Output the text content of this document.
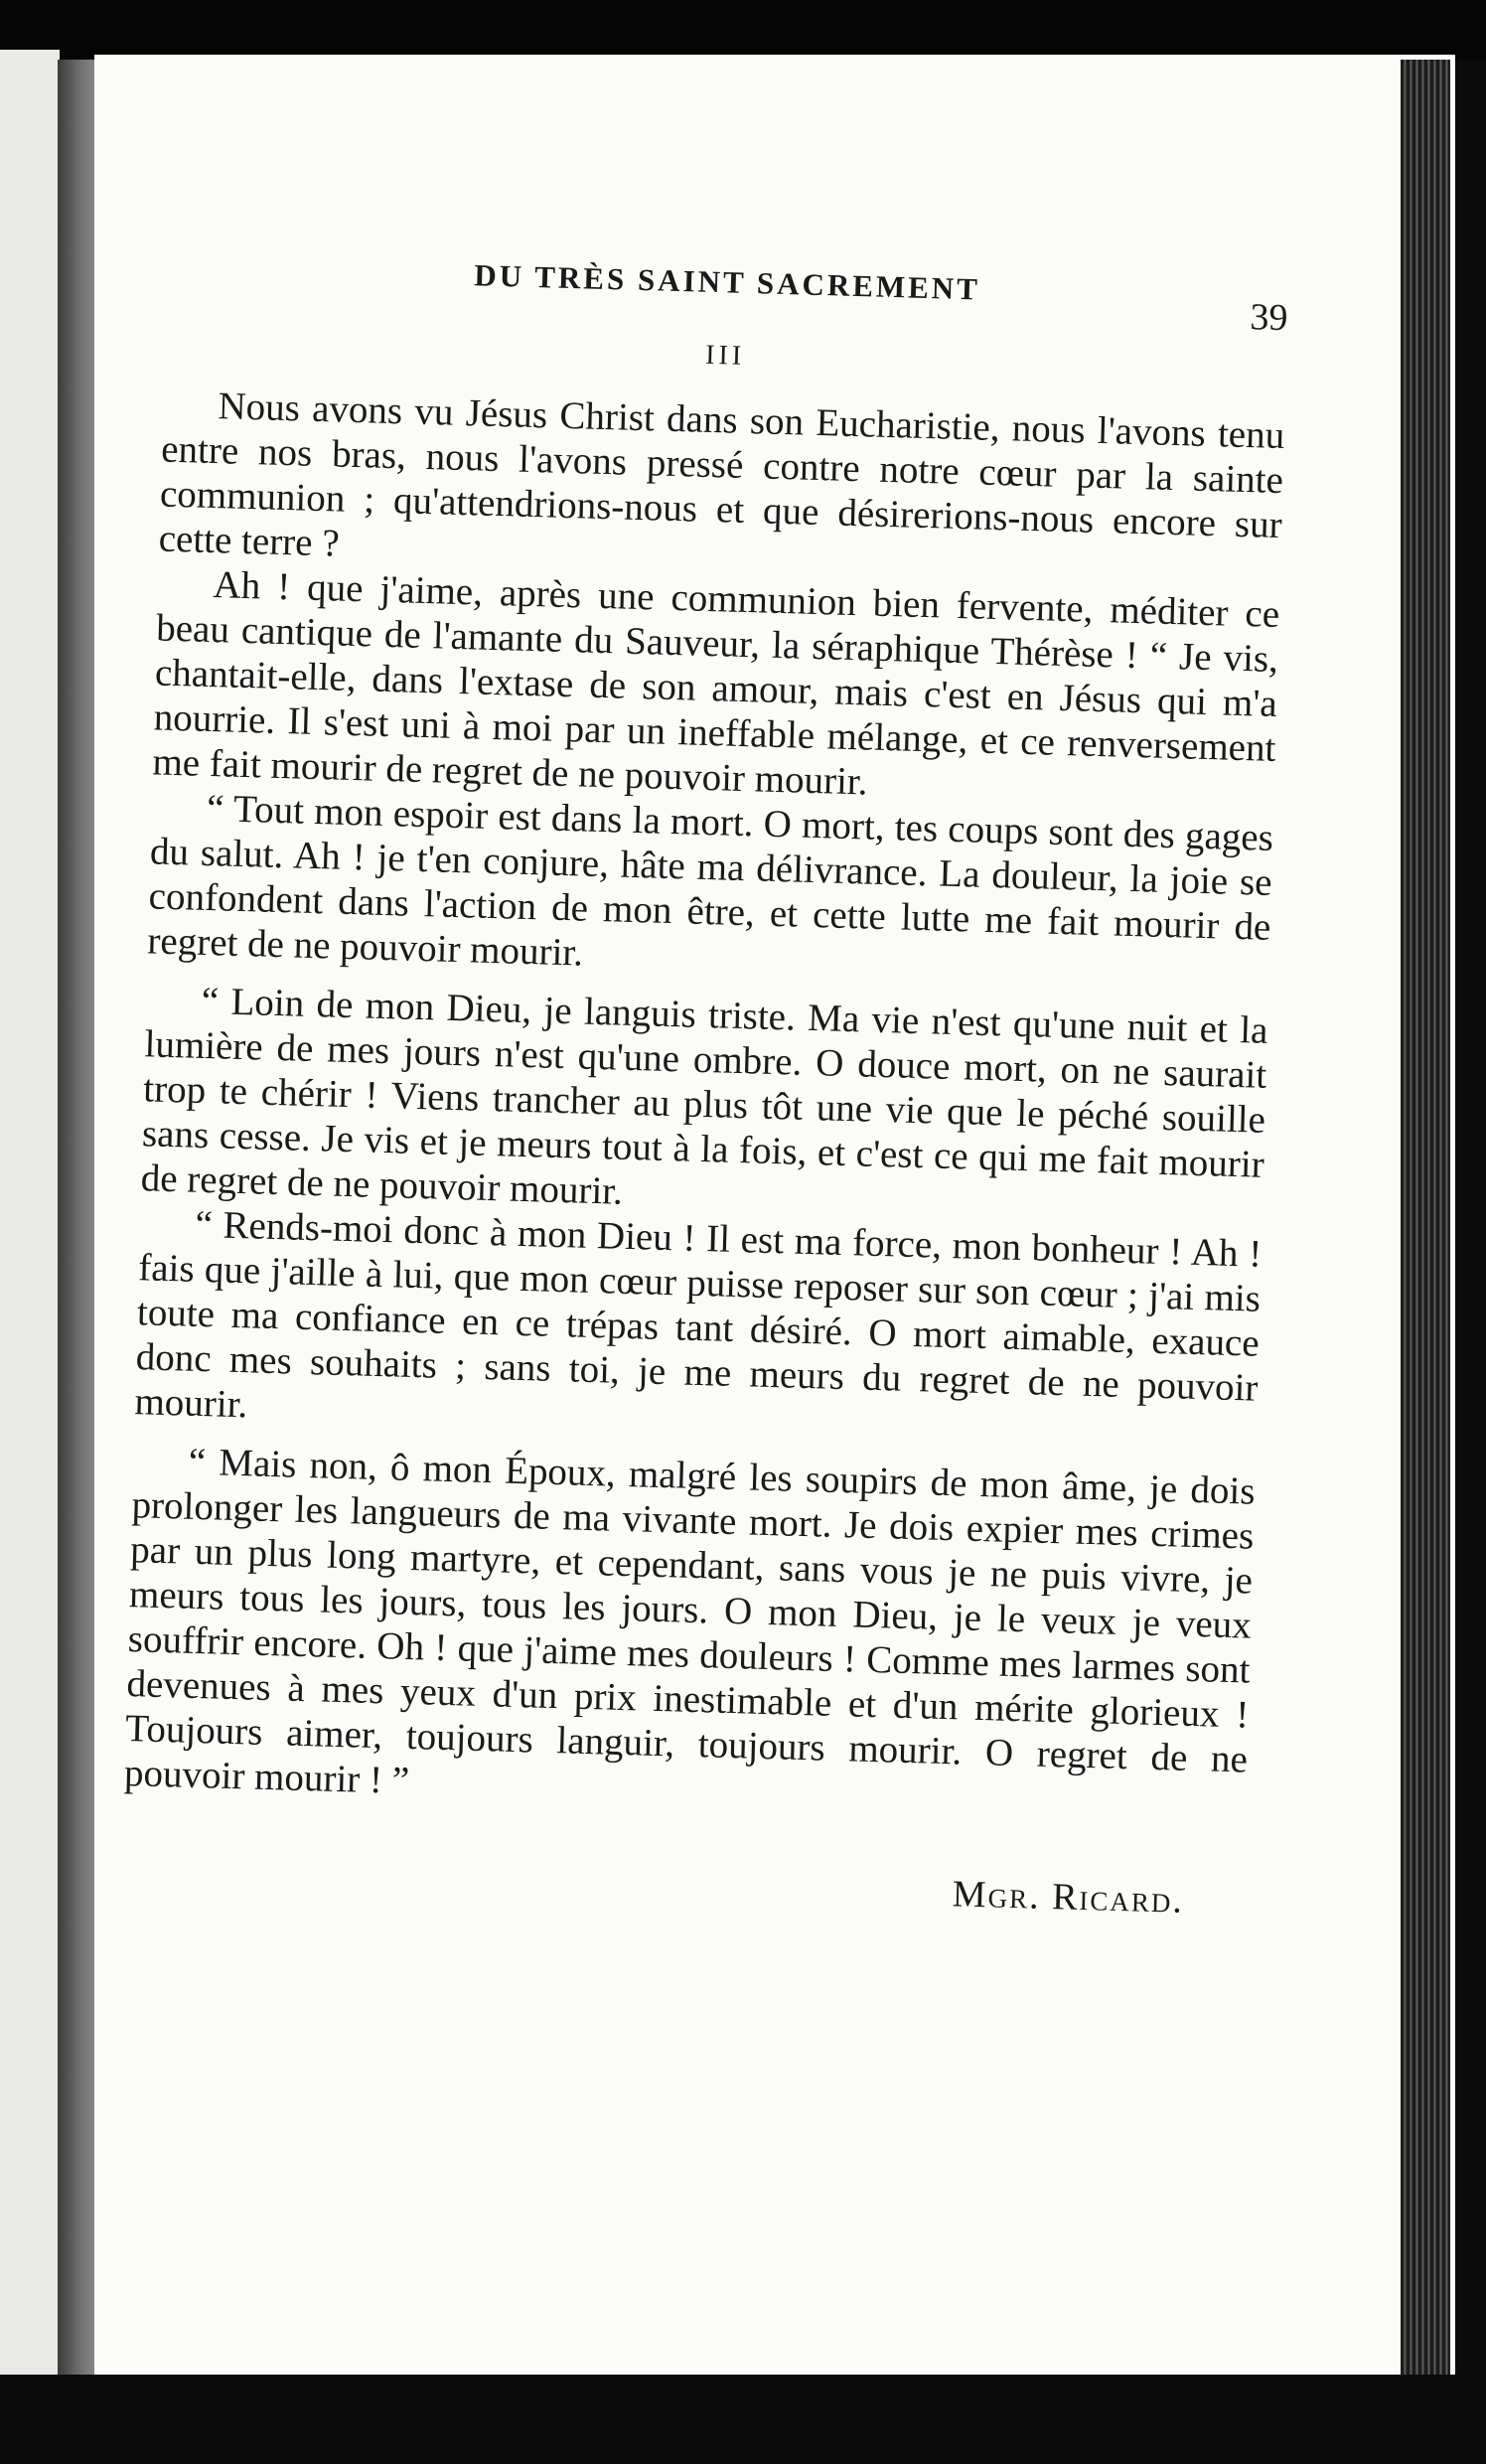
DU TRÈS SAINT SACREMENT
39
III

Nous avons vu Jésus Christ dans son Eucharistie, nous l'avons tenu entre nos bras, nous l'avons pressé contre notre cœur par la sainte communion ; qu'attendrions-nous et que désirerions-nous encore sur cette terre ?

Ah ! que j'aime, après une communion bien fervente, méditer ce beau cantique de l'amante du Sauveur, la séraphique Thérèse ! “ Je vis, chantait-elle, dans l'extase de son amour, mais c'est en Jésus qui m'a nourrie. Il s'est uni à moi par un ineffable mélange, et ce renversement me fait mourir de regret de ne pouvoir mourir.

“ Tout mon espoir est dans la mort. O mort, tes coups sont des gages du salut. Ah ! je t'en conjure, hâte ma délivrance. La douleur, la joie se confondent dans l'action de mon être, et cette lutte me fait mourir de regret de ne pouvoir mourir.

“ Loin de mon Dieu, je languis triste. Ma vie n'est qu'une nuit et la lumière de mes jours n'est qu'une ombre. O douce mort, on ne saurait trop te chérir ! Viens trancher au plus tôt une vie que le péché souille sans cesse. Je vis et je meurs tout à la fois, et c'est ce qui me fait mourir de regret de ne pouvoir mourir.

“ Rends-moi donc à mon Dieu ! Il est ma force, mon bonheur ! Ah ! fais que j'aille à lui, que mon cœur puisse reposer sur son cœur ; j'ai mis toute ma confiance en ce trépas tant désiré. O mort aimable, exauce donc mes souhaits ; sans toi, je me meurs du regret de ne pouvoir mourir.

“ Mais non, ô mon Époux, malgré les soupirs de mon âme, je dois prolonger les langueurs de ma vivante mort. Je dois expier mes crimes par un plus long martyre, et cependant, sans vous je ne puis vivre, je meurs tous les jours, tous les jours. O mon Dieu, je le veux je veux souffrir encore. Oh ! que j'aime mes douleurs ! Comme mes larmes sont devenues à mes yeux d'un prix inestimable et d'un mérite glorieux ! Toujours aimer, toujours languir, toujours mourir. O regret de ne pouvoir mourir ! ”

Mgr. Ricard.
